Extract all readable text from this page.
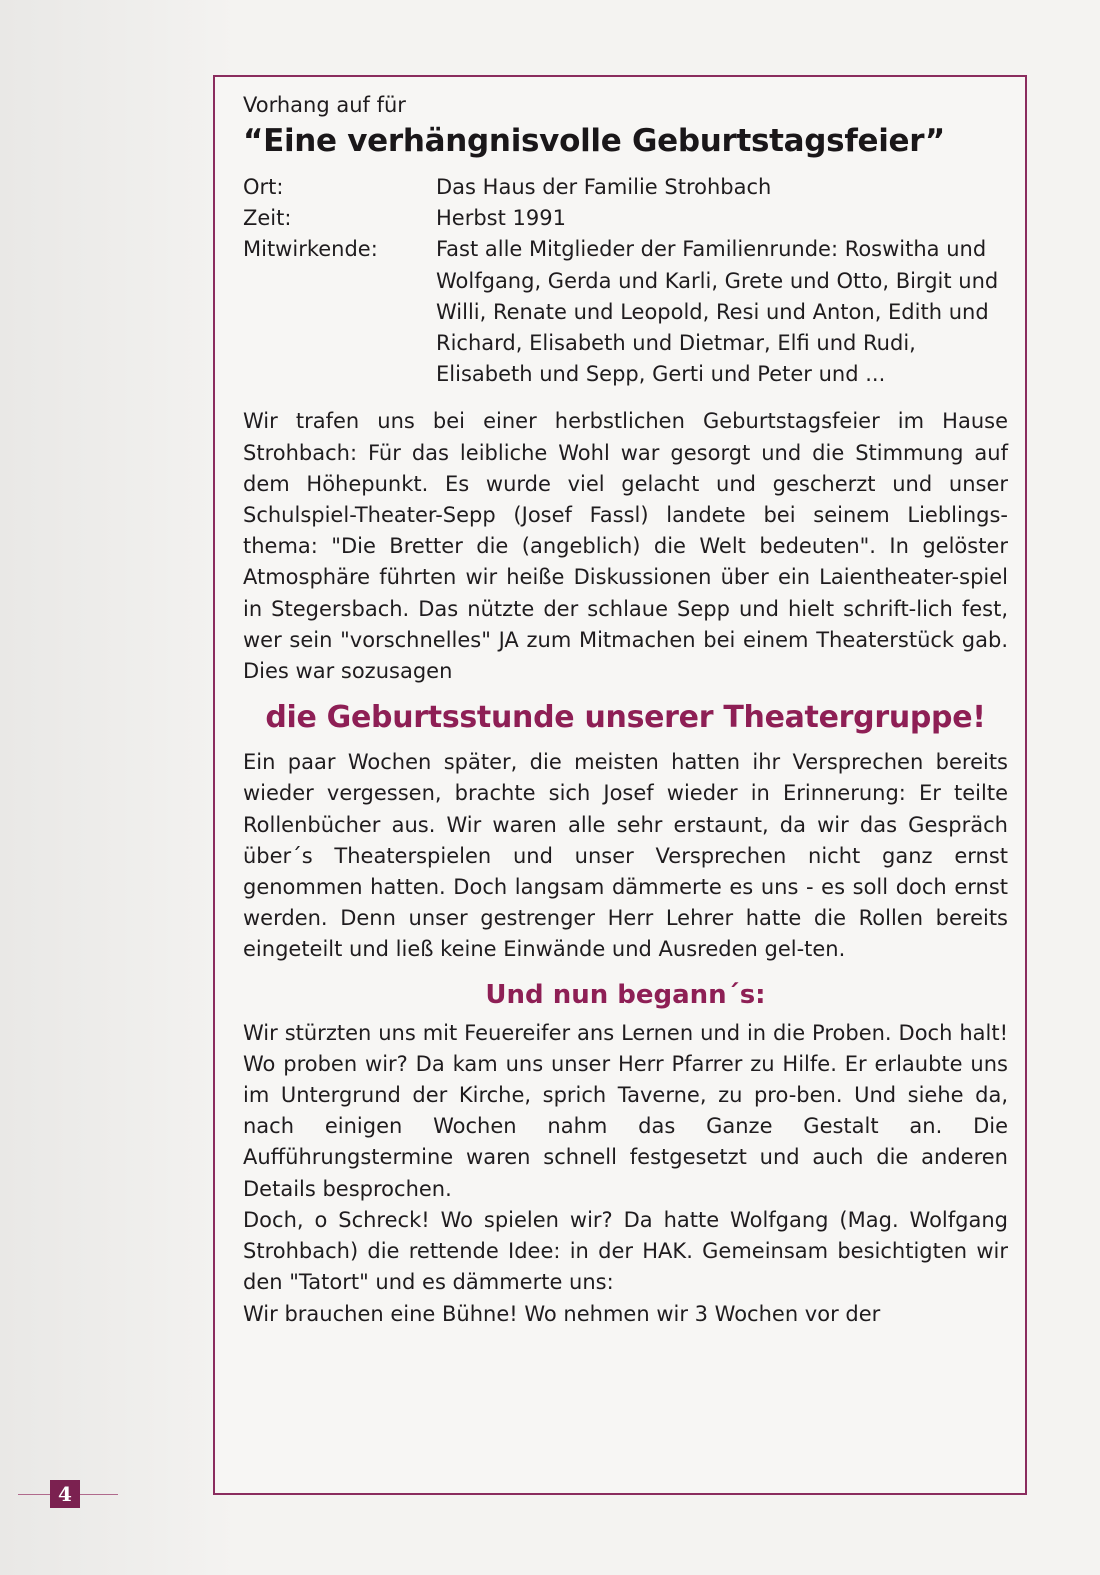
Vorhang auf für

“Eine verhängnisvolle Geburtstagsfeier”
Ort:	Das Haus der Familie Strohbach
Zeit:	Herbst 1991
Mitwirkende:	Fast alle Mitglieder der Familienrunde: Roswitha und Wolfgang, Gerda und Karli, Grete und Otto, Birgit und Willi, Renate und Leopold, Resi und Anton, Edith und Richard, Elisabeth und Dietmar, Elfi und Rudi, Elisabeth und Sepp, Gerti und Peter und ...

Wir trafen uns bei einer herbstlichen Geburtstagsfeier im Hause Strohbach: Für das leibliche Wohl war gesorgt und die Stimmung auf dem Höhepunkt. Es wurde viel gelacht und gescherzt und unser Schulspiel-Theater-Sepp (Josef Fassl) landete bei seinem Lieblings-thema: "Die Bretter die (angeblich) die Welt bedeuten". In gelöster Atmosphäre führten wir heiße Diskussionen über ein Laientheater-spiel in Stegersbach. Das nützte der schlaue Sepp und hielt schrift-lich fest, wer sein "vorschnelles" JA zum Mitmachen bei einem Theaterstück gab. Dies war sozusagen

die Geburtsstunde unserer Theatergruppe!

Ein paar Wochen später, die meisten hatten ihr Versprechen bereits wieder vergessen, brachte sich Josef wieder in Erinnerung: Er teilte Rollenbücher aus. Wir waren alle sehr erstaunt, da wir das Gespräch über´s Theaterspielen und unser Versprechen nicht ganz ernst genommen hatten. Doch langsam dämmerte es uns - es soll doch ernst werden. Denn unser gestrenger Herr Lehrer hatte die Rollen bereits eingeteilt und ließ keine Einwände und Ausreden gel-ten.

Und nun begann´s:

Wir stürzten uns mit Feuereifer ans Lernen und in die Proben. Doch halt! Wo proben wir? Da kam uns unser Herr Pfarrer zu Hilfe. Er erlaubte uns im Untergrund der Kirche, sprich Taverne, zu pro-ben. Und siehe da, nach einigen Wochen nahm das Ganze Gestalt an. Die Aufführungstermine waren schnell festgesetzt und auch die anderen Details besprochen.

Doch, o Schreck! Wo spielen wir? Da hatte Wolfgang (Mag. Wolfgang Strohbach) die rettende Idee: in der HAK. Gemeinsam besichtigten wir den "Tatort" und es dämmerte uns:

Wir brauchen eine Bühne! Wo nehmen wir 3 Wochen vor der

4
